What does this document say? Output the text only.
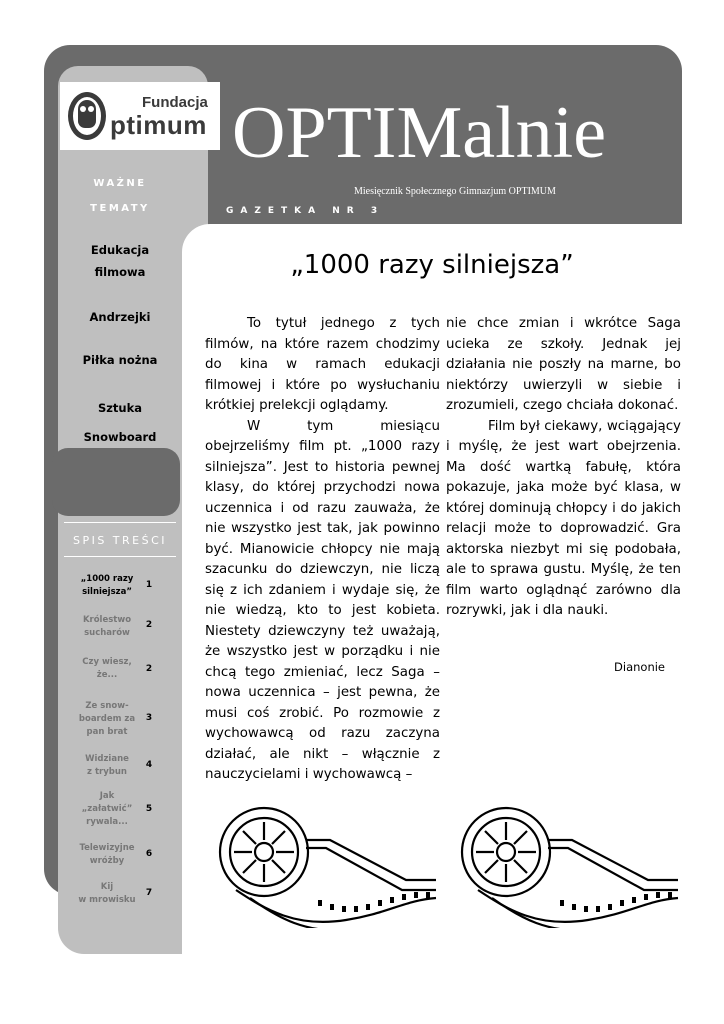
Fundacja
ptimum OPTIMalnie
Miesięcznik Społecznego Gimnazjum OPTIMUM
GAZETKA NR 3
WAŻNE
TEMATY
Edukacja
filmowa
Andrzejki
Piłka nożna
Sztuka
Snowboard
SPIS TREŚCI
„1000 razy
silniejsza”
1
Królestwo
sucharów
2
Czy wiesz,
że...
2
Ze snow-
boardem za
pan brat
3
Widziane
z trybun
4
Jak
„załatwić”
rywala...
5
Telewizyjne
wróżby
6
Kij
w mrowisku
7
„1000 razy silniejsza”

To tytuł jednego z tych filmów, na które razem chodzimy do kina w ramach edukacji filmowej i które po wysłuchaniu krótkiej prelekcji oglądamy.

W tym miesiącu obejrzeliśmy film pt. „1000 razy silniejsza”. Jest to historia pewnej klasy, do której przychodzi nowa uczennica i od razu zauważa, że nie wszystko jest tak, jak powinno być. Mianowicie chłopcy nie mają szacunku do dziewczyn, nie liczą się z ich zdaniem i wydaje się, że nie wiedzą, kto to jest kobieta. Niestety dziewczyny też uważają, że wszystko jest w porządku i nie chcą tego zmieniać, lecz Saga – nowa uczennica – jest pewna, że musi coś zrobić. Po rozmowie z wychowawcą od razu zaczyna działać, ale nikt – włącznie z nauczycielami i wychowawcą –

nie chce zmian i wkrótce Saga ucieka ze szkoły. Jednak jej działania nie poszły na marne, bo niektórzy uwierzyli w siebie i zrozumieli, czego chciała dokonać.

Film był ciekawy, wciągający i myślę, że jest wart obejrzenia. Ma dość wartką fabułę, która pokazuje, jaka może być klasa, w której dominują chłopcy i do jakich relacji może to doprowadzić. Gra aktorska niezbyt mi się podobała, ale to sprawa gustu. Myślę, że ten film warto oglądnąć zarówno dla rozrywki, jak i dla nauki.

Dianonie
